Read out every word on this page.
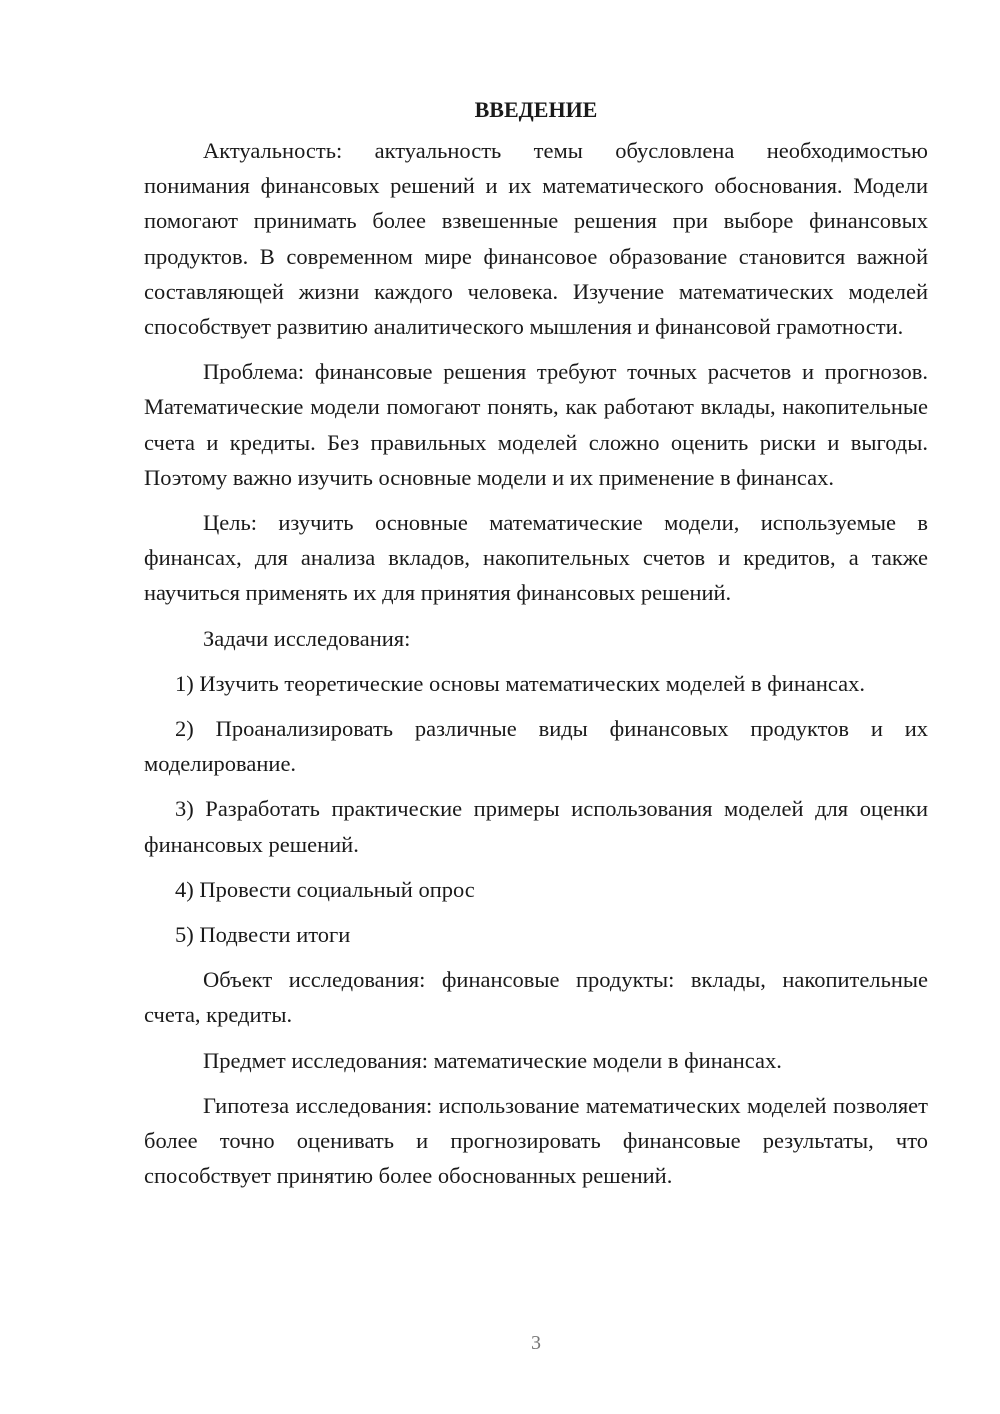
ВВЕДЕНИЕ

Актуальность: актуальность темы обусловлена необходимостью понимания финансовых решений и их математического обоснования. Модели помогают принимать более взвешенные решения при выборе финансовых продуктов. В современном мире финансовое образование становится важной составляющей жизни каждого человека. Изучение математических моделей способствует развитию аналитического мышления и финансовой грамотности.

Проблема: финансовые решения требуют точных расчетов и прогнозов. Математические модели помогают понять, как работают вклады, накопительные счета и кредиты. Без правильных моделей сложно оценить риски и выгоды. Поэтому важно изучить основные модели и их применение в финансах.

Цель: изучить основные математические модели, используемые в финансах, для анализа вкладов, накопительных счетов и кредитов, а также научиться применять их для принятия финансовых решений.

Задачи исследования:

1) Изучить теоретические основы математических моделей в финансах.

2) Проанализировать различные виды финансовых продуктов и их моделирование.

3) Разработать практические примеры использования моделей для оценки финансовых решений.

4) Провести социальный опрос

5) Подвести итоги

Объект исследования: финансовые продукты: вклады, накопительные счета, кредиты.

Предмет исследования: математические модели в финансах.

Гипотеза исследования: использование математических моделей позволяет более точно оценивать и прогнозировать финансовые результаты, что способствует принятию более обоснованных решений.

3
